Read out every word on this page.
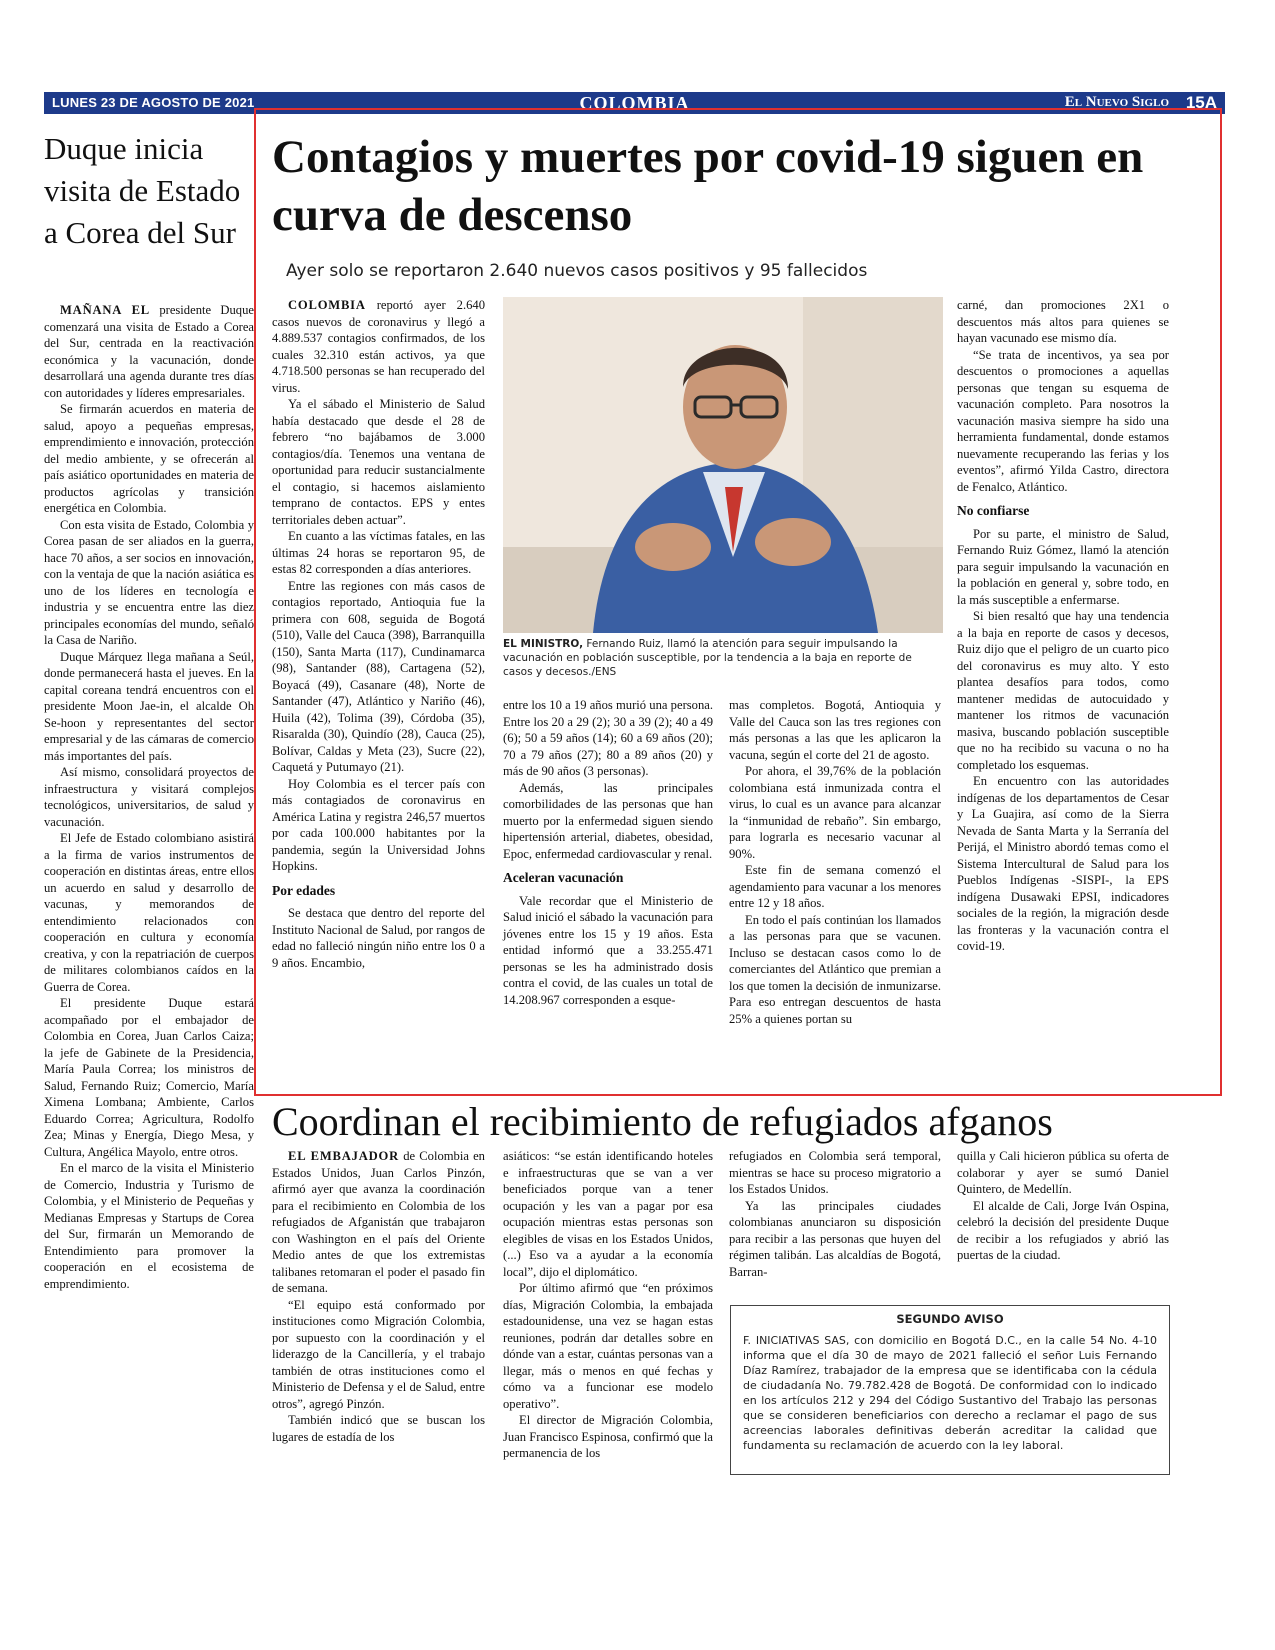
LUNES 23 DE AGOSTO DE 2021	COLOMBIA	El Nuevo Siglo 15A
Duque inicia visita de Estado a Corea del Sur

MAÑANA EL presidente Duque comenzará una visita de Estado a Corea del Sur, centrada en la reactivación económica y la vacunación, donde desarrollará una agenda durante tres días con autoridades y líderes empresariales.

Se firmarán acuerdos en materia de salud, apoyo a pequeñas empresas, emprendimiento e innovación, protección del medio ambiente, y se ofrecerán al país asiático oportunidades en materia de productos agrícolas y transición energética en Colombia.

Con esta visita de Estado, Colombia y Corea pasan de ser aliados en la guerra, hace 70 años, a ser socios en innovación, con la ventaja de que la nación asiática es uno de los líderes en tecnología e industria y se encuentra entre las diez principales economías del mundo, señaló la Casa de Nariño.

Duque Márquez llega mañana a Seúl, donde permanecerá hasta el jueves. En la capital coreana tendrá encuentros con el presidente Moon Jae-in, el alcalde Oh Se-hoon y representantes del sector empresarial y de las cámaras de comercio más importantes del país.

Así mismo, consolidará proyectos de infraestructura y visitará complejos tecnológicos, universitarios, de salud y vacunación.

El Jefe de Estado colombiano asistirá a la firma de varios instrumentos de cooperación en distintas áreas, entre ellos un acuerdo en salud y desarrollo de vacunas, y memorandos de entendimiento relacionados con cooperación en cultura y economía creativa, y con la repatriación de cuerpos de militares colombianos caídos en la Guerra de Corea.

El presidente Duque estará acompañado por el embajador de Colombia en Corea, Juan Carlos Caiza; la jefe de Gabinete de la Presidencia, María Paula Correa; los ministros de Salud, Fernando Ruiz; Comercio, María Ximena Lombana; Ambiente, Carlos Eduardo Correa; Agricultura, Rodolfo Zea; Minas y Energía, Diego Mesa, y Cultura, Angélica Mayolo, entre otros.

En el marco de la visita el Ministerio de Comercio, Industria y Turismo de Colombia, y el Ministerio de Pequeñas y Medianas Empresas y Startups de Corea del Sur, firmarán un Memorando de Entendimiento para promover la cooperación en el ecosistema de emprendimiento.

Contagios y muertes por covid-19 siguen en curva de descenso
Ayer solo se reportaron 2.640 nuevos casos positivos y 95 fallecidos

COLOMBIA reportó ayer 2.640 casos nuevos de coronavirus y llegó a 4.889.537 contagios confirmados, de los cuales 32.310 están activos, ya que 4.718.500 personas se han recuperado del virus.

Ya el sábado el Ministerio de Salud había destacado que desde el 28 de febrero “no bajábamos de 3.000 contagios/día. Tenemos una ventana de oportunidad para reducir sustancialmente el contagio, si hacemos aislamiento temprano de contactos. EPS y entes territoriales deben actuar”.

En cuanto a las víctimas fatales, en las últimas 24 horas se reportaron 95, de estas 82 corresponden a días anteriores.

Entre las regiones con más casos de contagios reportado, Antioquia fue la primera con 608, seguida de Bogotá (510), Valle del Cauca (398), Barranquilla (150), Santa Marta (117), Cundinamarca (98), Santander (88), Cartagena (52), Boyacá (49), Casanare (48), Norte de Santander (47), Atlántico y Nariño (46), Huila (42), Tolima (39), Córdoba (35), Risaralda (30), Quindío (28), Cauca (25), Bolívar, Caldas y Meta (23), Sucre (22), Caquetá y Putumayo (21).

Hoy Colombia es el tercer país con más contagiados de coronavirus en América Latina y registra 246,57 muertos por cada 100.000 habitantes por la pandemia, según la Universidad Johns Hopkins.

Por edades

Se destaca que dentro del reporte del Instituto Nacional de Salud, por rangos de edad no falleció ningún niño entre los 0 a 9 años. Encambio,

EL MINISTRO, Fernando Ruiz, llamó la atención para seguir impulsando la vacunación en población susceptible, por la tendencia a la baja en reporte de casos y decesos./ENS

entre los 10 a 19 años murió una persona. Entre los 20 a 29 (2); 30 a 39 (2); 40 a 49 (6); 50 a 59 años (14); 60 a 69 años (20); 70 a 79 años (27); 80 a 89 años (20) y más de 90 años (3 personas).

Además, las principales comorbilidades de las personas que han muerto por la enfermedad siguen siendo hipertensión arterial, diabetes, obesidad, Epoc, enfermedad cardiovascular y renal.

Aceleran vacunación

Vale recordar que el Ministerio de Salud inició el sábado la vacunación para jóvenes entre los 15 y 19 años. Esta entidad informó que a 33.255.471 personas se les ha administrado dosis contra el covid, de las cuales un total de 14.208.967 corresponden a esque-

mas completos. Bogotá, Antioquia y Valle del Cauca son las tres regiones con más personas a las que les aplicaron la vacuna, según el corte del 21 de agosto.

Por ahora, el 39,76% de la población colombiana está inmunizada contra el virus, lo cual es un avance para alcanzar la “inmunidad de rebaño”. Sin embargo, para lograrla es necesario vacunar al 90%.

Este fin de semana comenzó el agendamiento para vacunar a los menores entre 12 y 18 años.

En todo el país continúan los llamados a las personas para que se vacunen. Incluso se destacan casos como lo de comerciantes del Atlántico que premian a los que tomen la decisión de inmunizarse. Para eso entregan descuentos de hasta 25% a quienes portan su

carné, dan promociones 2X1 o descuentos más altos para quienes se hayan vacunado ese mismo día.

“Se trata de incentivos, ya sea por descuentos o promociones a aquellas personas que tengan su esquema de vacunación completo. Para nosotros la vacunación masiva siempre ha sido una herramienta fundamental, donde estamos nuevamente recuperando las ferias y los eventos”, afirmó Yilda Castro, directora de Fenalco, Atlántico.

No confiarse

Por su parte, el ministro de Salud, Fernando Ruiz Gómez, llamó la atención para seguir impulsando la vacunación en la población en general y, sobre todo, en la más susceptible a enfermarse.

Si bien resaltó que hay una tendencia a la baja en reporte de casos y decesos, Ruiz dijo que el peligro de un cuarto pico del coronavirus es muy alto. Y esto plantea desafíos para todos, como mantener medidas de autocuidado y mantener los ritmos de vacunación masiva, buscando población susceptible que no ha recibido su vacuna o no ha completado los esquemas.

En encuentro con las autoridades indígenas de los departamentos de Cesar y La Guajira, así como de la Sierra Nevada de Santa Marta y la Serranía del Perijá, el Ministro abordó temas como el Sistema Intercultural de Salud para los Pueblos Indígenas -SISPI-, la EPS indígena Dusawaki EPSI, indicadores sociales de la región, la migración desde las fronteras y la vacunación contra el covid-19.

Coordinan el recibimiento de refugiados afganos

EL EMBAJADOR de Colombia en Estados Unidos, Juan Carlos Pinzón, afirmó ayer que avanza la coordinación para el recibimiento en Colombia de los refugiados de Afganistán que trabajaron con Washington en el país del Oriente Medio antes de que los extremistas talibanes retomaran el poder el pasado fin de semana.

“El equipo está conformado por instituciones como Migración Colombia, por supuesto con la coordinación y el liderazgo de la Cancillería, y el trabajo también de otras instituciones como el Ministerio de Defensa y el de Salud, entre otros”, agregó Pinzón.

También indicó que se buscan los lugares de estadía de los

asiáticos: “se están identificando hoteles e infraestructuras que se van a ver beneficiados porque van a tener ocupación y les van a pagar por esa ocupación mientras estas personas son elegibles de visas en los Estados Unidos, (...) Eso va a ayudar a la economía local”, dijo el diplomático.

Por último afirmó que “en próximos días, Migración Colombia, la embajada estadounidense, una vez se hagan estas reuniones, podrán dar detalles sobre en dónde van a estar, cuántas personas van a llegar, más o menos en qué fechas y cómo va a funcionar ese modelo operativo”.

El director de Migración Colombia, Juan Francisco Espinosa, confirmó que la permanencia de los

refugiados en Colombia será temporal, mientras se hace su proceso migratorio a los Estados Unidos.

Ya las principales ciudades colombianas anunciaron su disposición para recibir a las personas que huyen del régimen talibán. Las alcaldías de Bogotá, Barran-

quilla y Cali hicieron pública su oferta de colaborar y ayer se sumó Daniel Quintero, de Medellín.

El alcalde de Cali, Jorge Iván Ospina, celebró la decisión del presidente Duque de recibir a los refugiados y abrió las puertas de la ciudad.

SEGUNDO AVISO
F. INICIATIVAS SAS, con domicilio en Bogotá D.C., en la calle 54 No. 4-10 informa que el día 30 de mayo de 2021 falleció el señor Luis Fernando Díaz Ramírez, trabajador de la empresa que se identificaba con la cédula de ciudadanía No. 79.782.428 de Bogotá. De conformidad con lo indicado en los artículos 212 y 294 del Código Sustantivo del Trabajo las personas que se consideren beneficiarios con derecho a reclamar el pago de sus acreencias laborales definitivas deberán acreditar la calidad que fundamenta su reclamación de acuerdo con la ley laboral.
